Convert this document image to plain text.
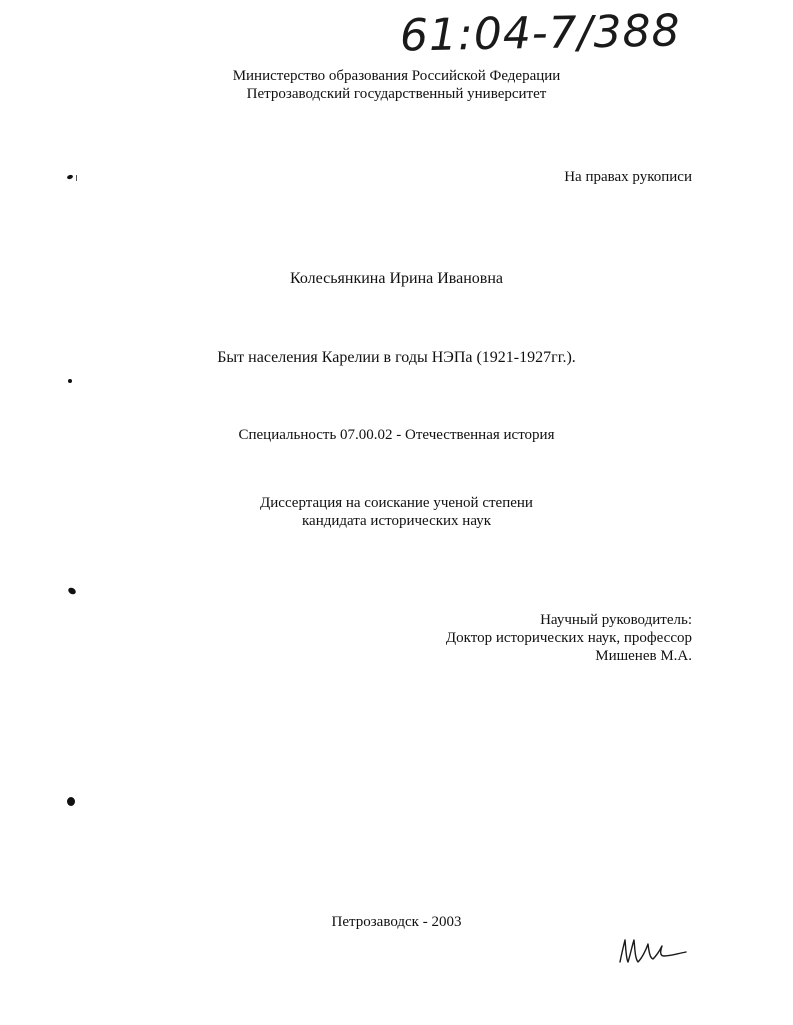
61:04-7/388
Министерство образования Российской Федерации
Петрозаводский государственный университет
На правах рукописи
Колесьянкина Ирина Ивановна
Быт населения Карелии в годы НЭПа (1921-1927гг.).
Специальность 07.00.02 - Отечественная история
Диссертация на соискание ученой степени
кандидата исторических наук
Научный руководитель:
Доктор исторических наук, профессор
Мишенев М.А.
Петрозаводск - 2003
